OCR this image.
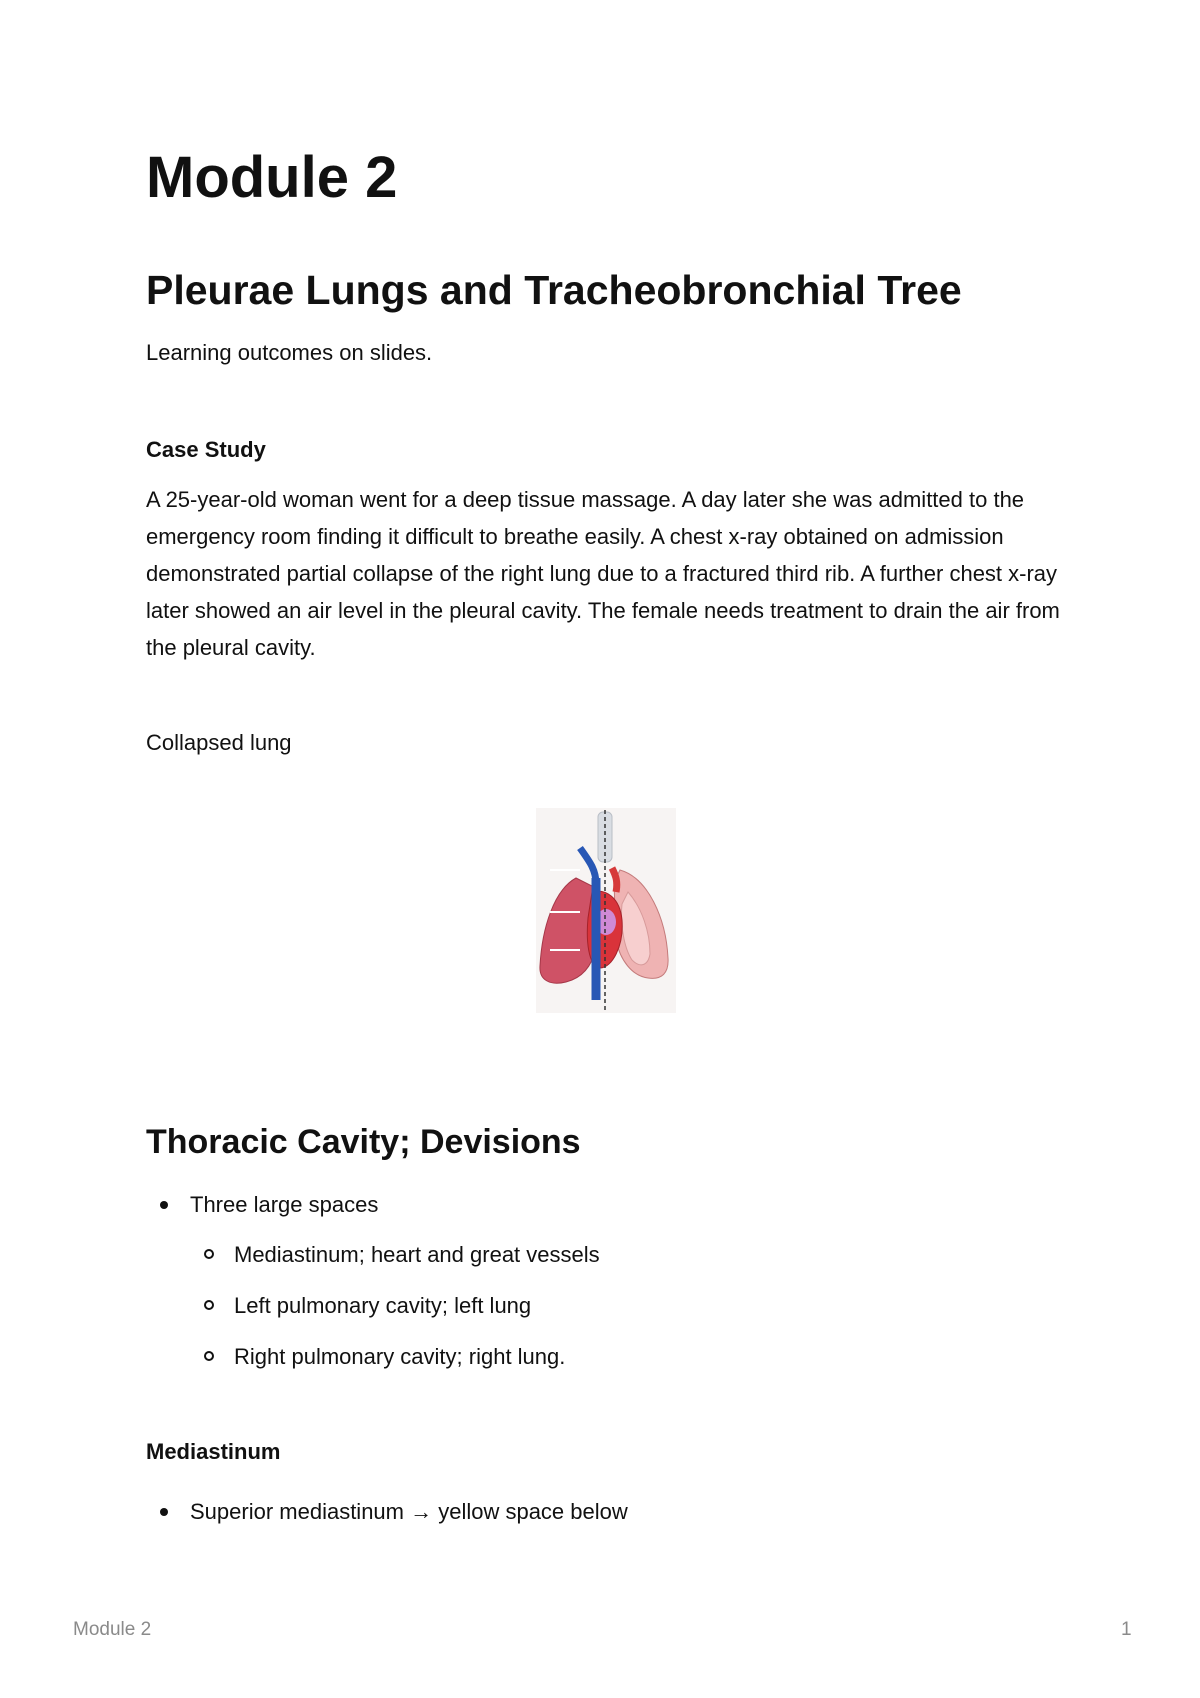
Module 2
Pleurae Lungs and Tracheobronchial Tree

Learning outcomes on slides.

Case Study

A 25-year-old woman went for a deep tissue massage. A day later she was admitted to the emergency room finding it difficult to breathe easily. A chest x-ray obtained on admission demonstrated partial collapse of the right lung due to a fractured third rib. A further chest x-ray later showed an air level in the pleural cavity. The female needs treatment to drain the air from the pleural cavity.

Collapsed lung

Thoracic Cavity; Devisions
Three large spaces
Mediastinum; heart and great vessels
Left pulmonary cavity; left lung
Right pulmonary cavity; right lung.

Mediastinum

Superior mediastinum → yellow space below
Module 2	1
